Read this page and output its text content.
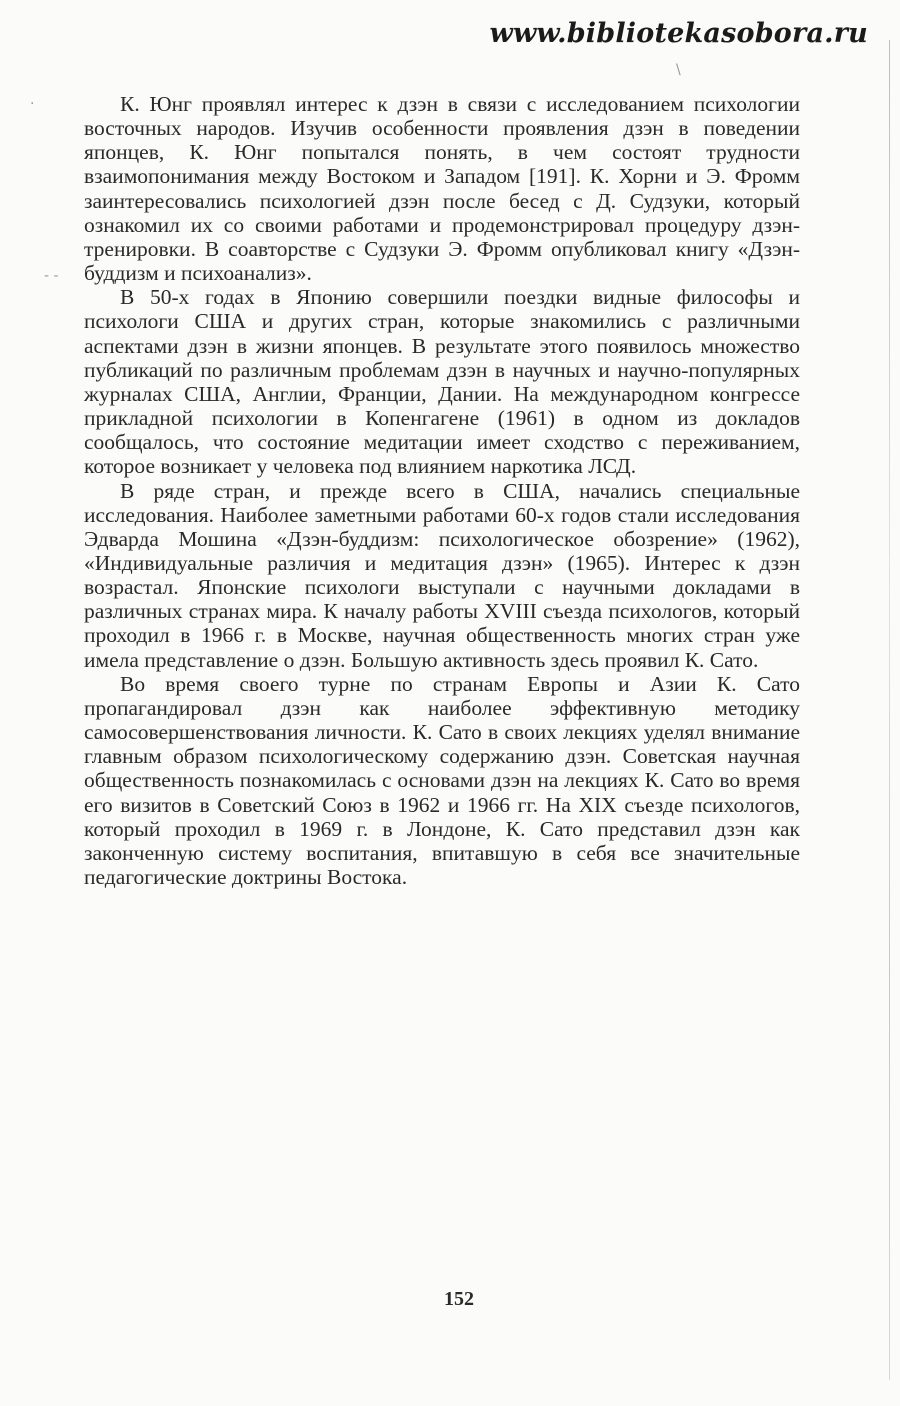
·
- -
\
www.bibliotekasobora.ru

К. Юнг проявлял интерес к дзэн в связи с исследованием психологии восточных народов. Изучив особенности проявления дзэн в поведении японцев, К. Юнг попытался понять, в чем состоят трудности взаимопонимания между Востоком и Западом [191]. К. Хорни и Э. Фромм заинтересовались психологией дзэн после бесед с Д. Судзуки, который ознакомил их со своими работами и продемонстрировал процедуру дзэн-тренировки. В соавторстве с Судзуки Э. Фромм опубликовал книгу «Дзэн-буддизм и психоанализ».

В 50-х годах в Японию совершили поездки видные философы и психологи США и других стран, которые знакомились с различными аспектами дзэн в жизни японцев. В результате этого появилось множество публикаций по различным проблемам дзэн в научных и научно-популярных журналах США, Англии, Франции, Дании. На международном конгрессе прикладной психологии в Копенгагене (1961) в одном из докладов сообщалось, что состояние медитации имеет сходство с переживанием, которое возникает у человека под влиянием наркотика ЛСД.

В ряде стран, и прежде всего в США, начались специальные исследования. Наиболее заметными работами 60-х годов стали исследования Эдварда Мошина «Дзэн-буддизм: психологическое обозрение» (1962), «Индивидуальные различия и медитация дзэн» (1965). Интерес к дзэн возрастал. Японские психологи выступали с научными докладами в различных странах мира. К началу работы XVIII съезда психологов, который проходил в 1966 г. в Москве, научная общественность многих стран уже имела представление о дзэн. Большую активность здесь проявил К. Сато.

Во время своего турне по странам Европы и Азии К. Сато пропагандировал дзэн как наиболее эффективную методику самосовершенствования личности. К. Сато в своих лекциях уделял внимание главным образом психологическому содержанию дзэн. Советская научная общественность познакомилась с основами дзэн на лекциях К. Сато во время его визитов в Советский Союз в 1962 и 1966 гг. На XIX съезде психологов, который проходил в 1969 г. в Лондоне, К. Сато представил дзэн как законченную систему воспитания, впитавшую в себя все значительные педагогические доктрины Востока.

152
